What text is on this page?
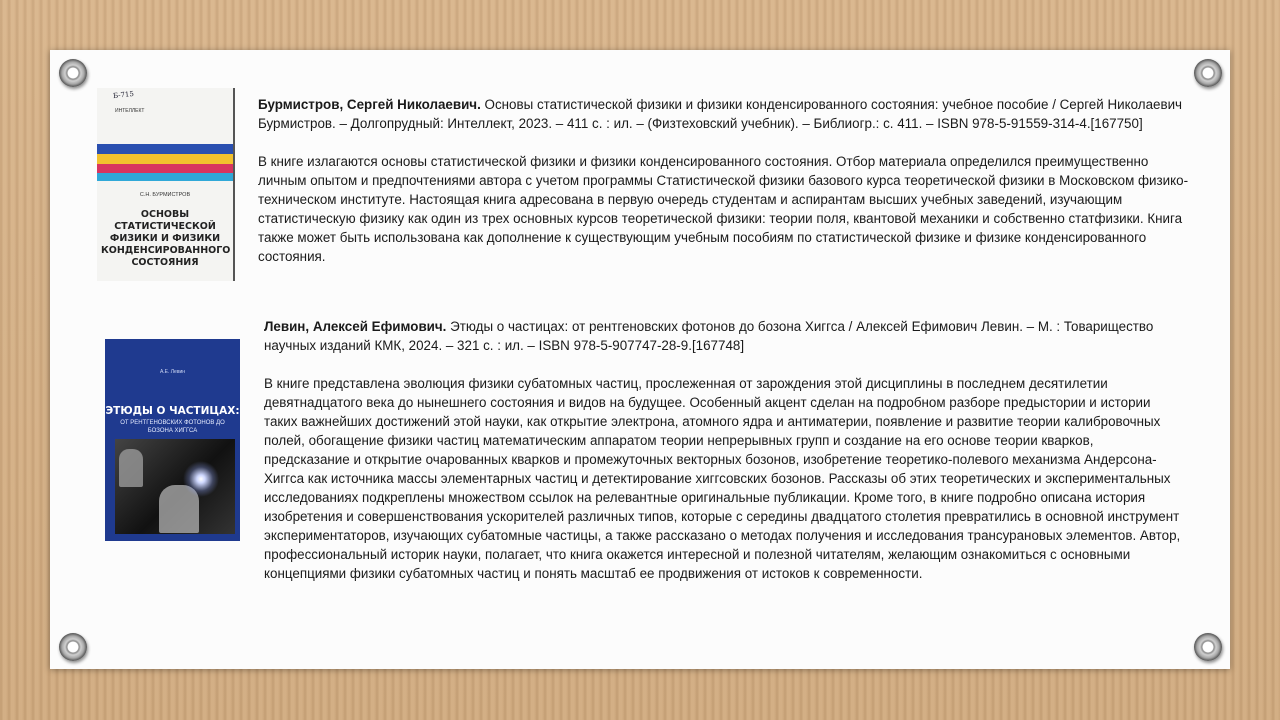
Б-715
ИНТЕЛЛЕКТ
С.Н. БУРМИСТРОВ
ОСНОВЫ СТАТИСТИЧЕСКОЙ ФИЗИКИ И ФИЗИКИ КОНДЕНСИРОВАННОГО СОСТОЯНИЯ

Бурмистров, Сергей Николаевич. Основы статистической физики и физики конденсированного состояния: учебное пособие / Сергей Николаевич Бурмистров. – Долгопрудный: Интеллект, 2023. – 411 с. : ил. – (Физтеховский учебник). – Библиогр.: с. 411. – ISBN 978-5-91559-314-4.[167750]

В книге излагаются основы статистической физики и физики конденсированного состояния. Отбор материала определился преимущественно личным опытом и предпочтениями автора с учетом программы Статистической физики базового курса теоретической физики в Московском физико-техническом институте. Настоящая книга адресована в первую очередь студентам и аспирантам высших учебных заведений, изучающим статистическую физику как один из трех основных курсов теоретической физики: теории поля, квантовой механики и собственно статфизики. Книга также может быть использована как дополнение к существующим учебным пособиям по статистической физике и физике конденсированного состояния.

А.Е. Левин
ЭТЮДЫ О ЧАСТИЦАХ:
ОТ РЕНТГЕНОВСКИХ ФОТОНОВ ДО БОЗОНА ХИГГСА

Левин, Алексей Ефимович. Этюды о частицах: от рентгеновских фотонов до бозона Хиггса / Алексей Ефимович Левин. – М. : Товарищество научных изданий КМК, 2024. – 321 с. : ил. – ISBN 978-5-907747-28-9.[167748]

В книге представлена эволюция физики субатомных частиц, прослеженная от зарождения этой дисциплины в последнем десятилетии девятнадцатого века до нынешнего состояния и видов на будущее. Особенный акцент сделан на подробном разборе предыстории и истории таких важнейших достижений этой науки, как открытие электрона, атомного ядра и антиматерии, появление и развитие теории калибровочных полей, обогащение физики частиц математическим аппаратом теории непрерывных групп и создание на его основе теории кварков, предсказание и открытие очарованных кварков и промежуточных векторных бозонов, изобретение теоретико-полевого механизма Андерсона-Хиггса как источника массы элементарных частиц и детектирование хиггсовских бозонов. Рассказы об этих теоретических и экспериментальных исследованиях подкреплены множеством ссылок на релевантные оригинальные публикации. Кроме того, в книге подробно описана история изобретения и совершенствования ускорителей различных типов, которые с середины двадцатого столетия превратились в основной инструмент экспериментаторов, изучающих субатомные частицы, а также рассказано о методах получения и исследования трансурановых элементов. Автор, профессиональный историк науки, полагает, что книга окажется интересной и полезной читателям, желающим ознакомиться с основными концепциями физики субатомных частиц и понять масштаб ее продвижения от истоков к современности.
